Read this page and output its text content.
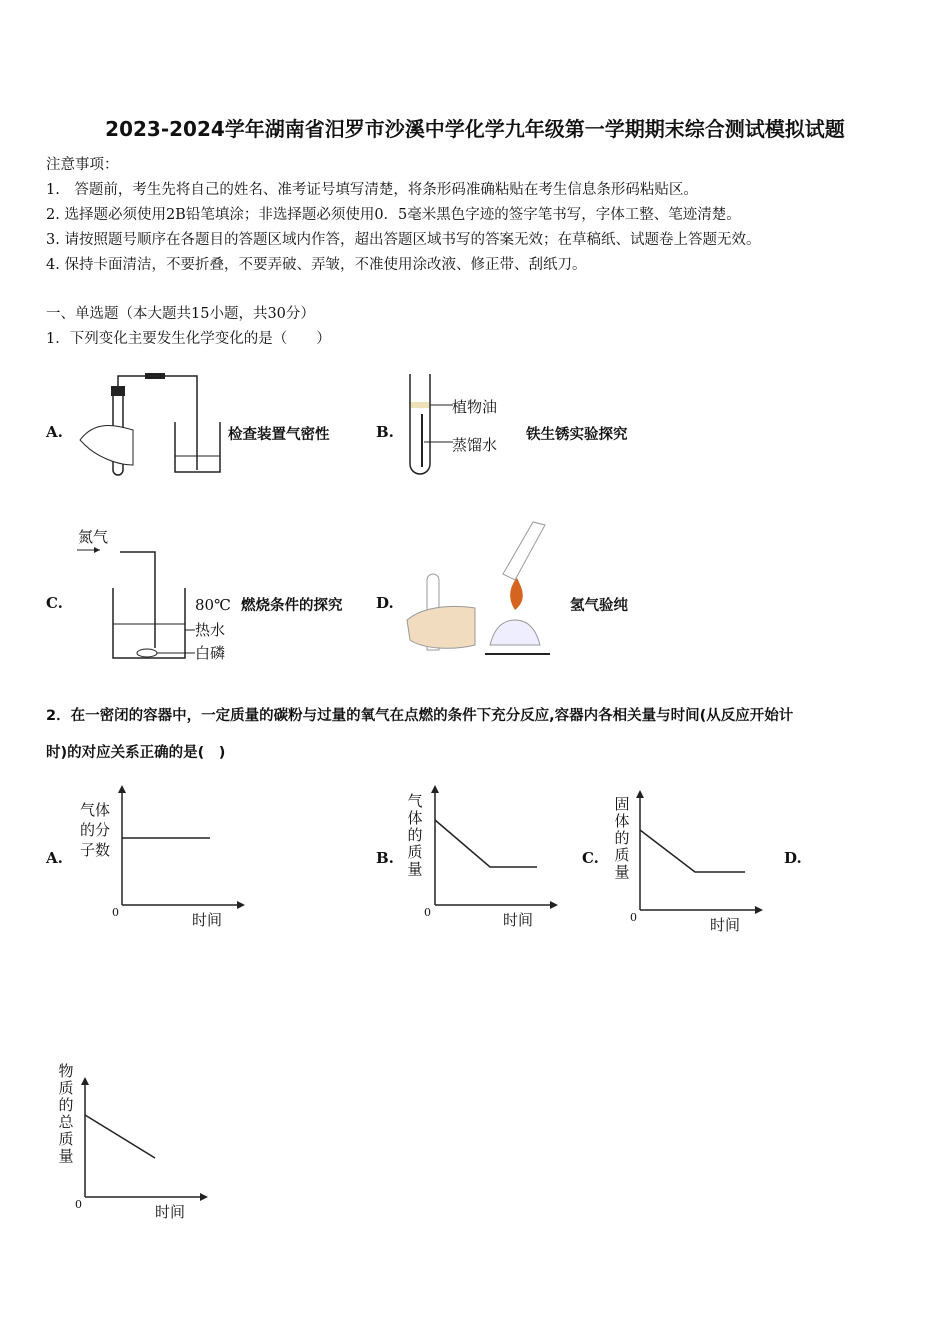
2023-2024学年湖南省汨罗市沙溪中学化学九年级第一学期期末综合测试模拟试题
注意事项：
1.　答题前，考生先将自己的姓名、准考证号填写清楚，将条形码准确粘贴在考生信息条形码粘贴区。
2. 选择题必须使用2B铅笔填涂；非选择题必须使用0．5毫米黑色字迹的签字笔书写，字体工整、笔迹清楚。
3. 请按照题号顺序在各题目的答题区域内作答，超出答题区域书写的答案无效；在草稿纸、试题卷上答题无效。
4. 保持卡面清洁，不要折叠，不要弄破、弄皱，不准使用涂改液、修正带、刮纸刀。
一、单选题（本大题共15小题，共30分）
1．下列变化主要发生化学变化的是（　　）
A.	检查装置气密性	B.
植物油
蒸馏水
铁生锈实验探究
C.
氮气
80℃
热水
白磷
燃烧条件的探究 D.	氢气验纯
2．在一密闭的容器中，一定质量的碳粉与过量的氧气在点燃的条件下充分反应,容器内各相关量与时间(从反应开始计
时)的对应关系正确的是(　)
A.
气体的分子数
0	时间
B.
气体的质量
0	时间
C.
固体的质量
0	时间
D.
物质的总质量
0	时间
